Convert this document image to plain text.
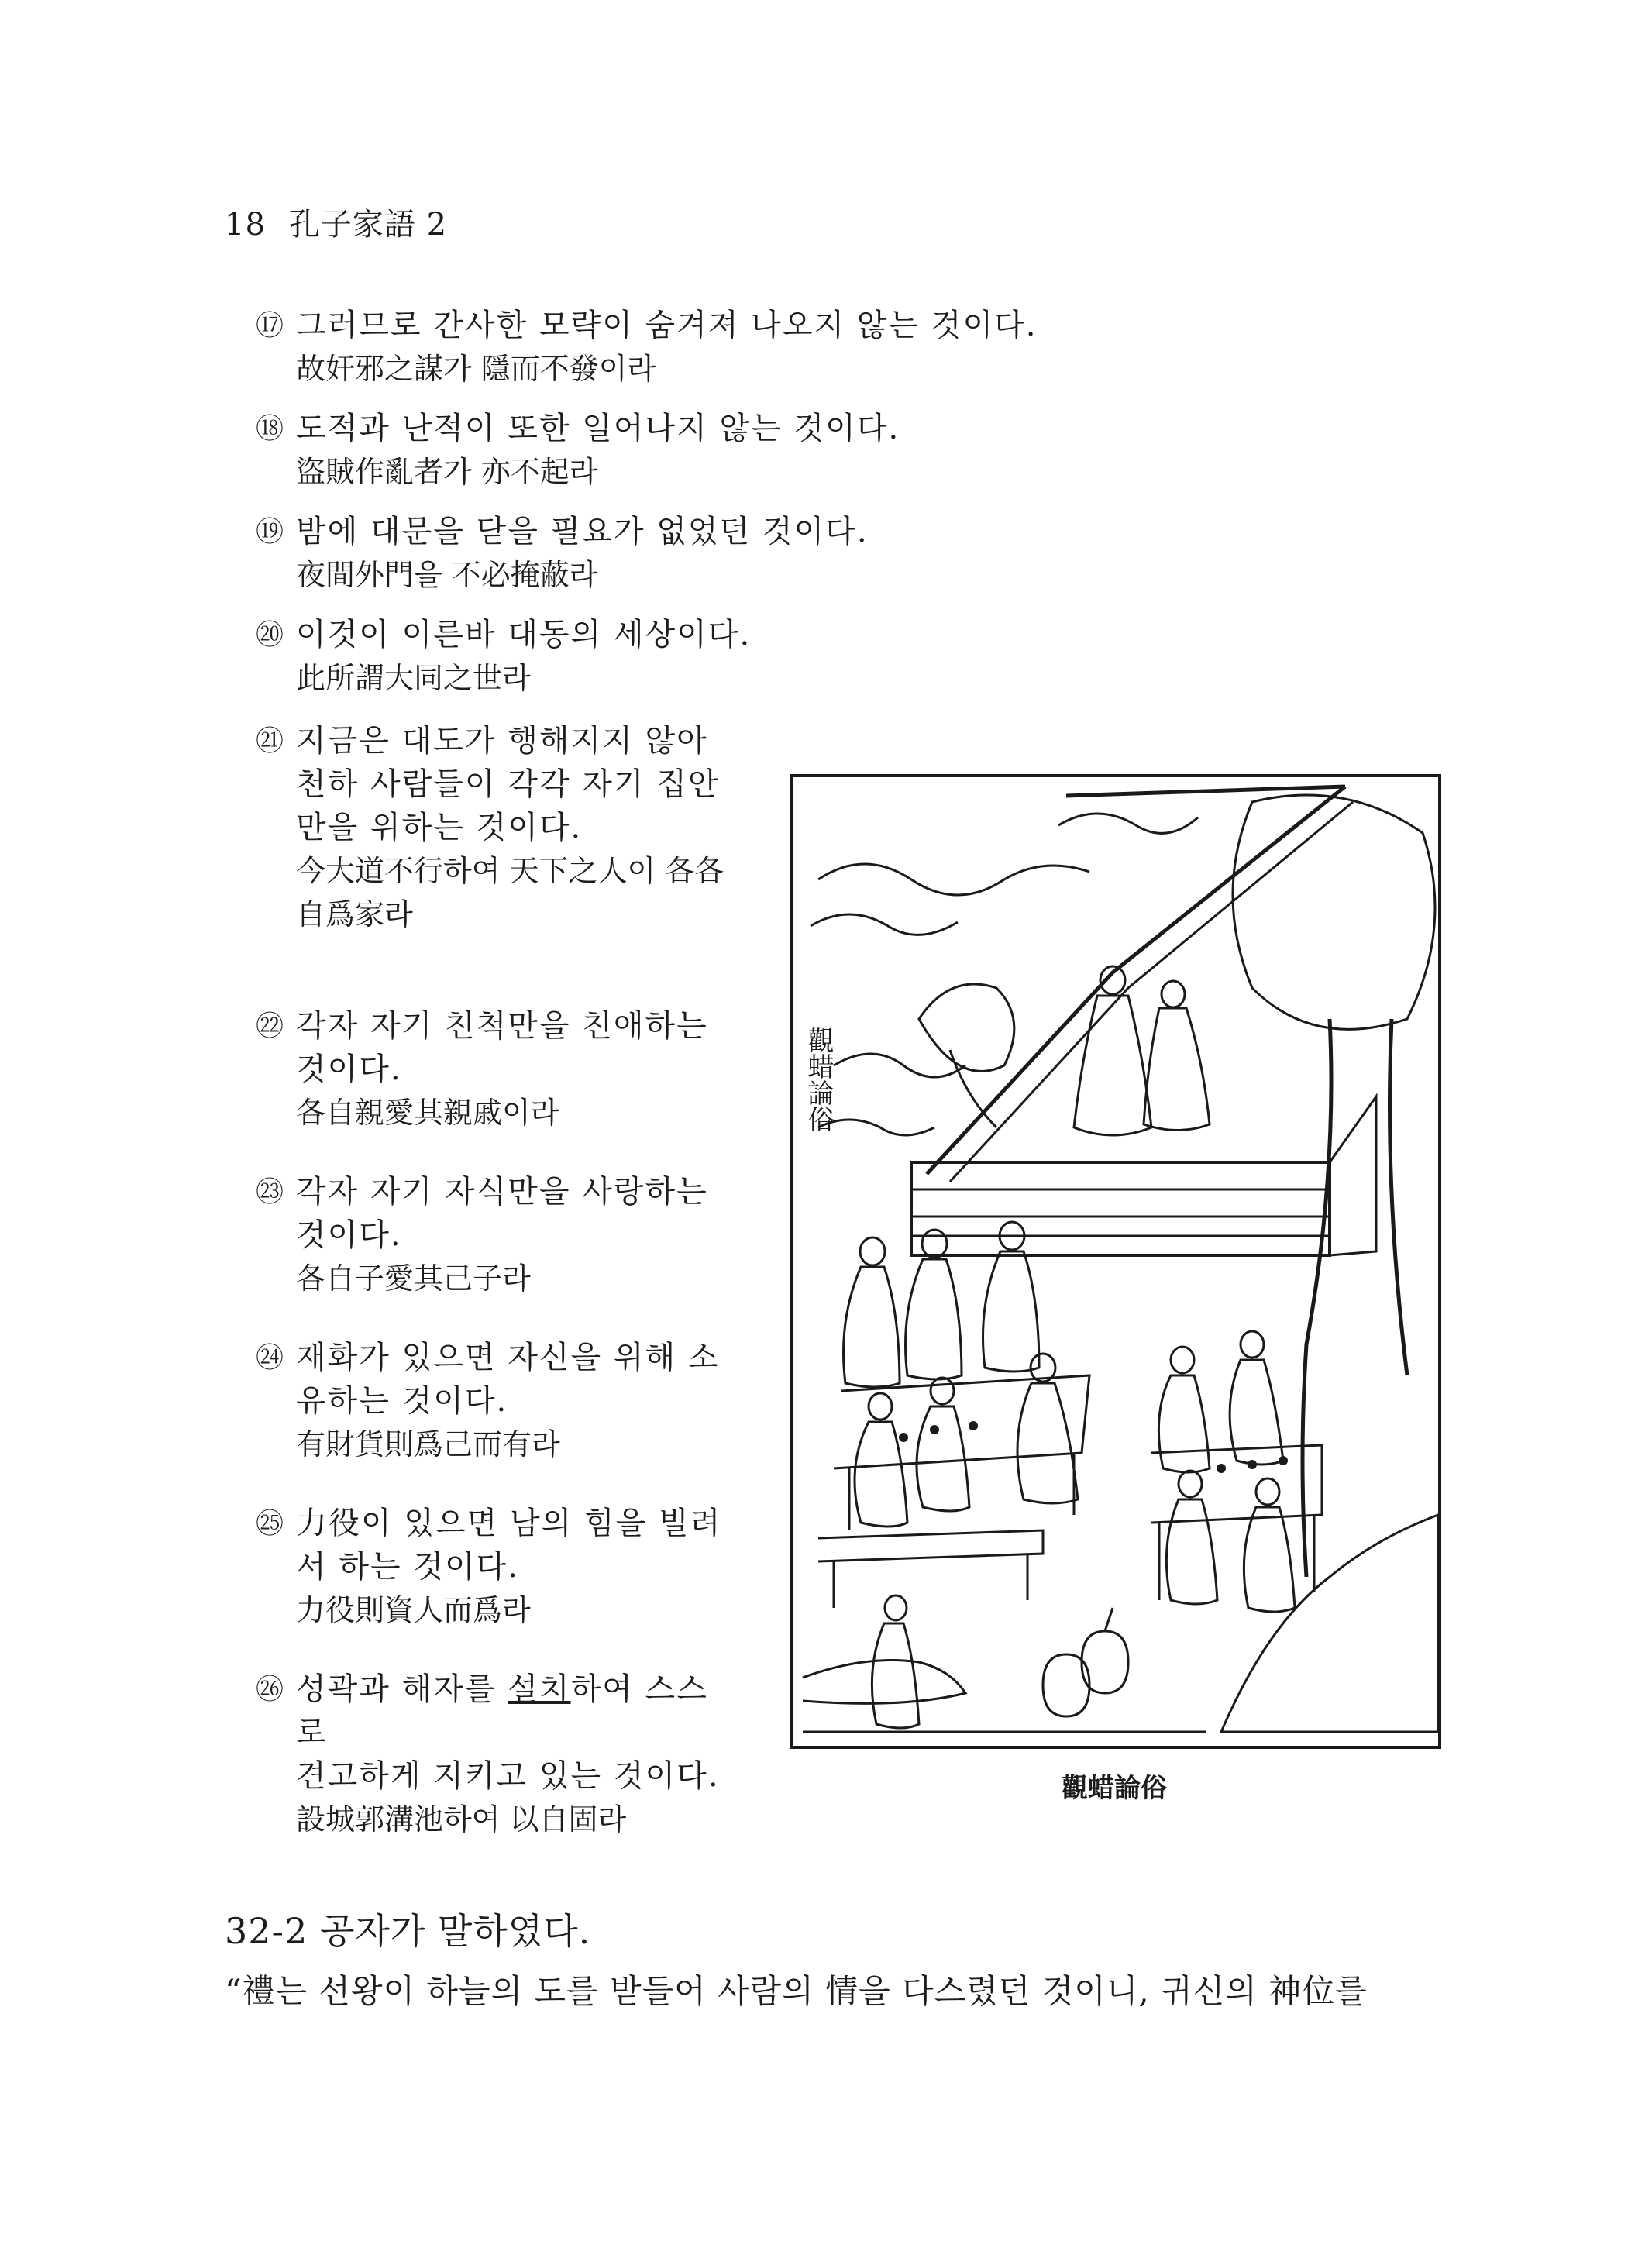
18 孔子家語 2
⑰ 그러므로 간사한 모략이 숨겨져 나오지 않는 것이다.
故奸邪之謀가 隱而不發이라
⑱ 도적과 난적이 또한 일어나지 않는 것이다.
盜賊作亂者가 亦不起라
⑲ 밤에 대문을 닫을 필요가 없었던 것이다.
夜間外門을 不必掩蔽라
⑳ 이것이 이른바 대동의 세상이다.
此所謂大同之世라
㉑ 지금은 대도가 행해지지 않아
천하 사람들이 각각 자기 집안
만을 위하는 것이다.
今大道不行하여 天下之人이 各各
自爲家라
㉒ 각자 자기 친척만을 친애하는
것이다.
各自親愛其親戚이라
㉓ 각자 자기 자식만을 사랑하는
것이다.
各自子愛其己子라
㉔ 재화가 있으면 자신을 위해 소
유하는 것이다.
有財貨則爲己而有라
㉕ 力役이 있으면 남의 힘을 빌려
서 하는 것이다.
力役則資人而爲라
㉖ 성곽과 해자를 설치하여 스스로
견고하게 지키고 있는 것이다.
設城郭溝池하여 以自固라
觀蜡論俗
觀蜡論俗
32-2 공자가 말하였다.
“禮는 선왕이 하늘의 도를 받들어 사람의 情을 다스렸던 것이니, 귀신의 神位를
